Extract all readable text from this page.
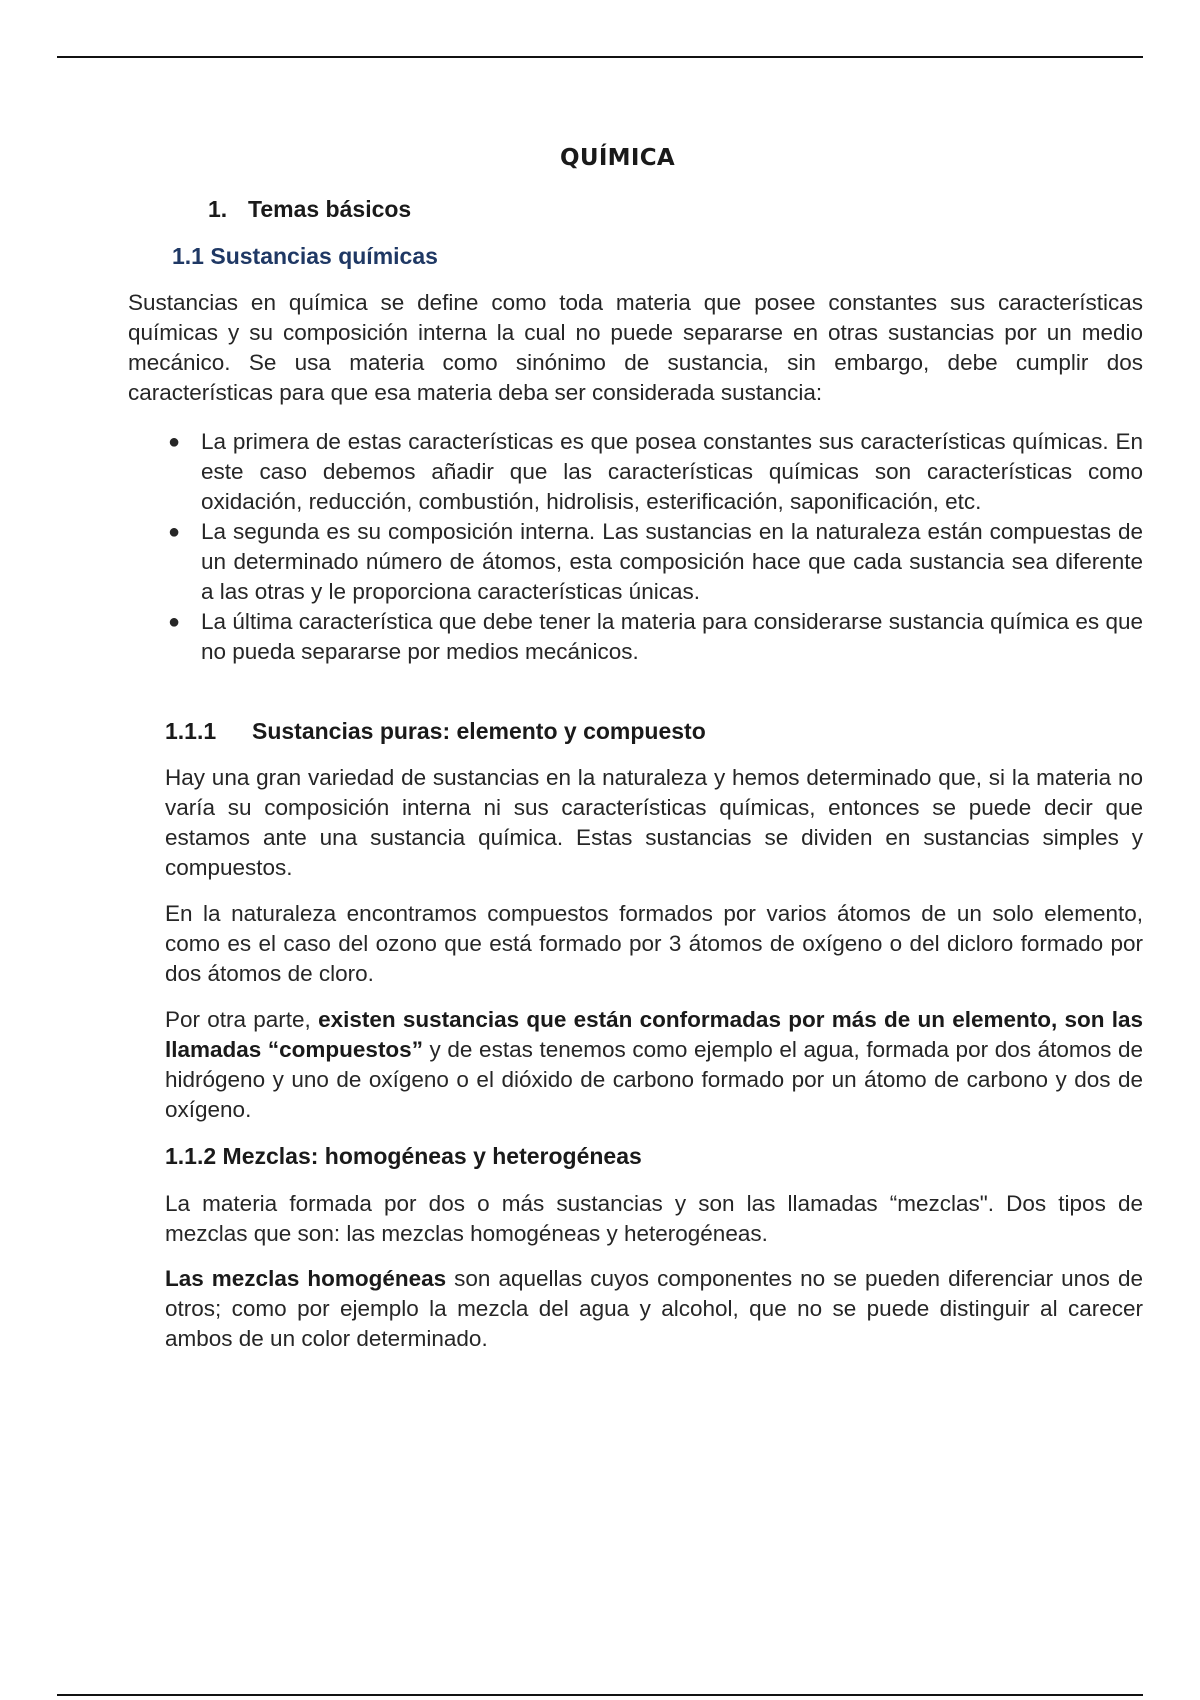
QUÍMICA
1. Temas básicos
1.1 Sustancias químicas

Sustancias en química se define como toda materia que posee constantes sus características químicas y su composición interna la cual no puede separarse en otras sustancias por un medio mecánico. Se usa materia como sinónimo de sustancia, sin embargo, debe cumplir dos características para que esa materia deba ser considerada sustancia:

● La primera de estas características es que posea constantes sus características químicas. En este caso debemos añadir que las características químicas son características como oxidación, reducción, combustión, hidrolisis, esterificación, saponificación, etc.
● La segunda es su composición interna. Las sustancias en la naturaleza están compuestas de un determinado número de átomos, esta composición hace que cada sustancia sea diferente a las otras y le proporciona características únicas.
● La última característica que debe tener la materia para considerarse sustancia química es que no pueda separarse por medios mecánicos.
1.1.1 Sustancias puras: elemento y compuesto

Hay una gran variedad de sustancias en la naturaleza y hemos determinado que, si la materia no varía su composición interna ni sus características químicas, entonces se puede decir que estamos ante una sustancia química. Estas sustancias se dividen en sustancias simples y compuestos.

En la naturaleza encontramos compuestos formados por varios átomos de un solo elemento, como es el caso del ozono que está formado por 3 átomos de oxígeno o del dicloro formado por dos átomos de cloro.

Por otra parte, existen sustancias que están conformadas por más de un elemento, son las llamadas “compuestos” y de estas tenemos como ejemplo el agua, formada por dos átomos de hidrógeno y uno de oxígeno o el dióxido de carbono formado por un átomo de carbono y dos de oxígeno.

1.1.2 Mezclas: homogéneas y heterogéneas

La materia formada por dos o más sustancias y son las llamadas “mezclas". Dos tipos de mezclas que son: las mezclas homogéneas y heterogéneas.

Las mezclas homogéneas son aquellas cuyos componentes no se pueden diferenciar unos de otros; como por ejemplo la mezcla del agua y alcohol, que no se puede distinguir al carecer ambos de un color determinado.
